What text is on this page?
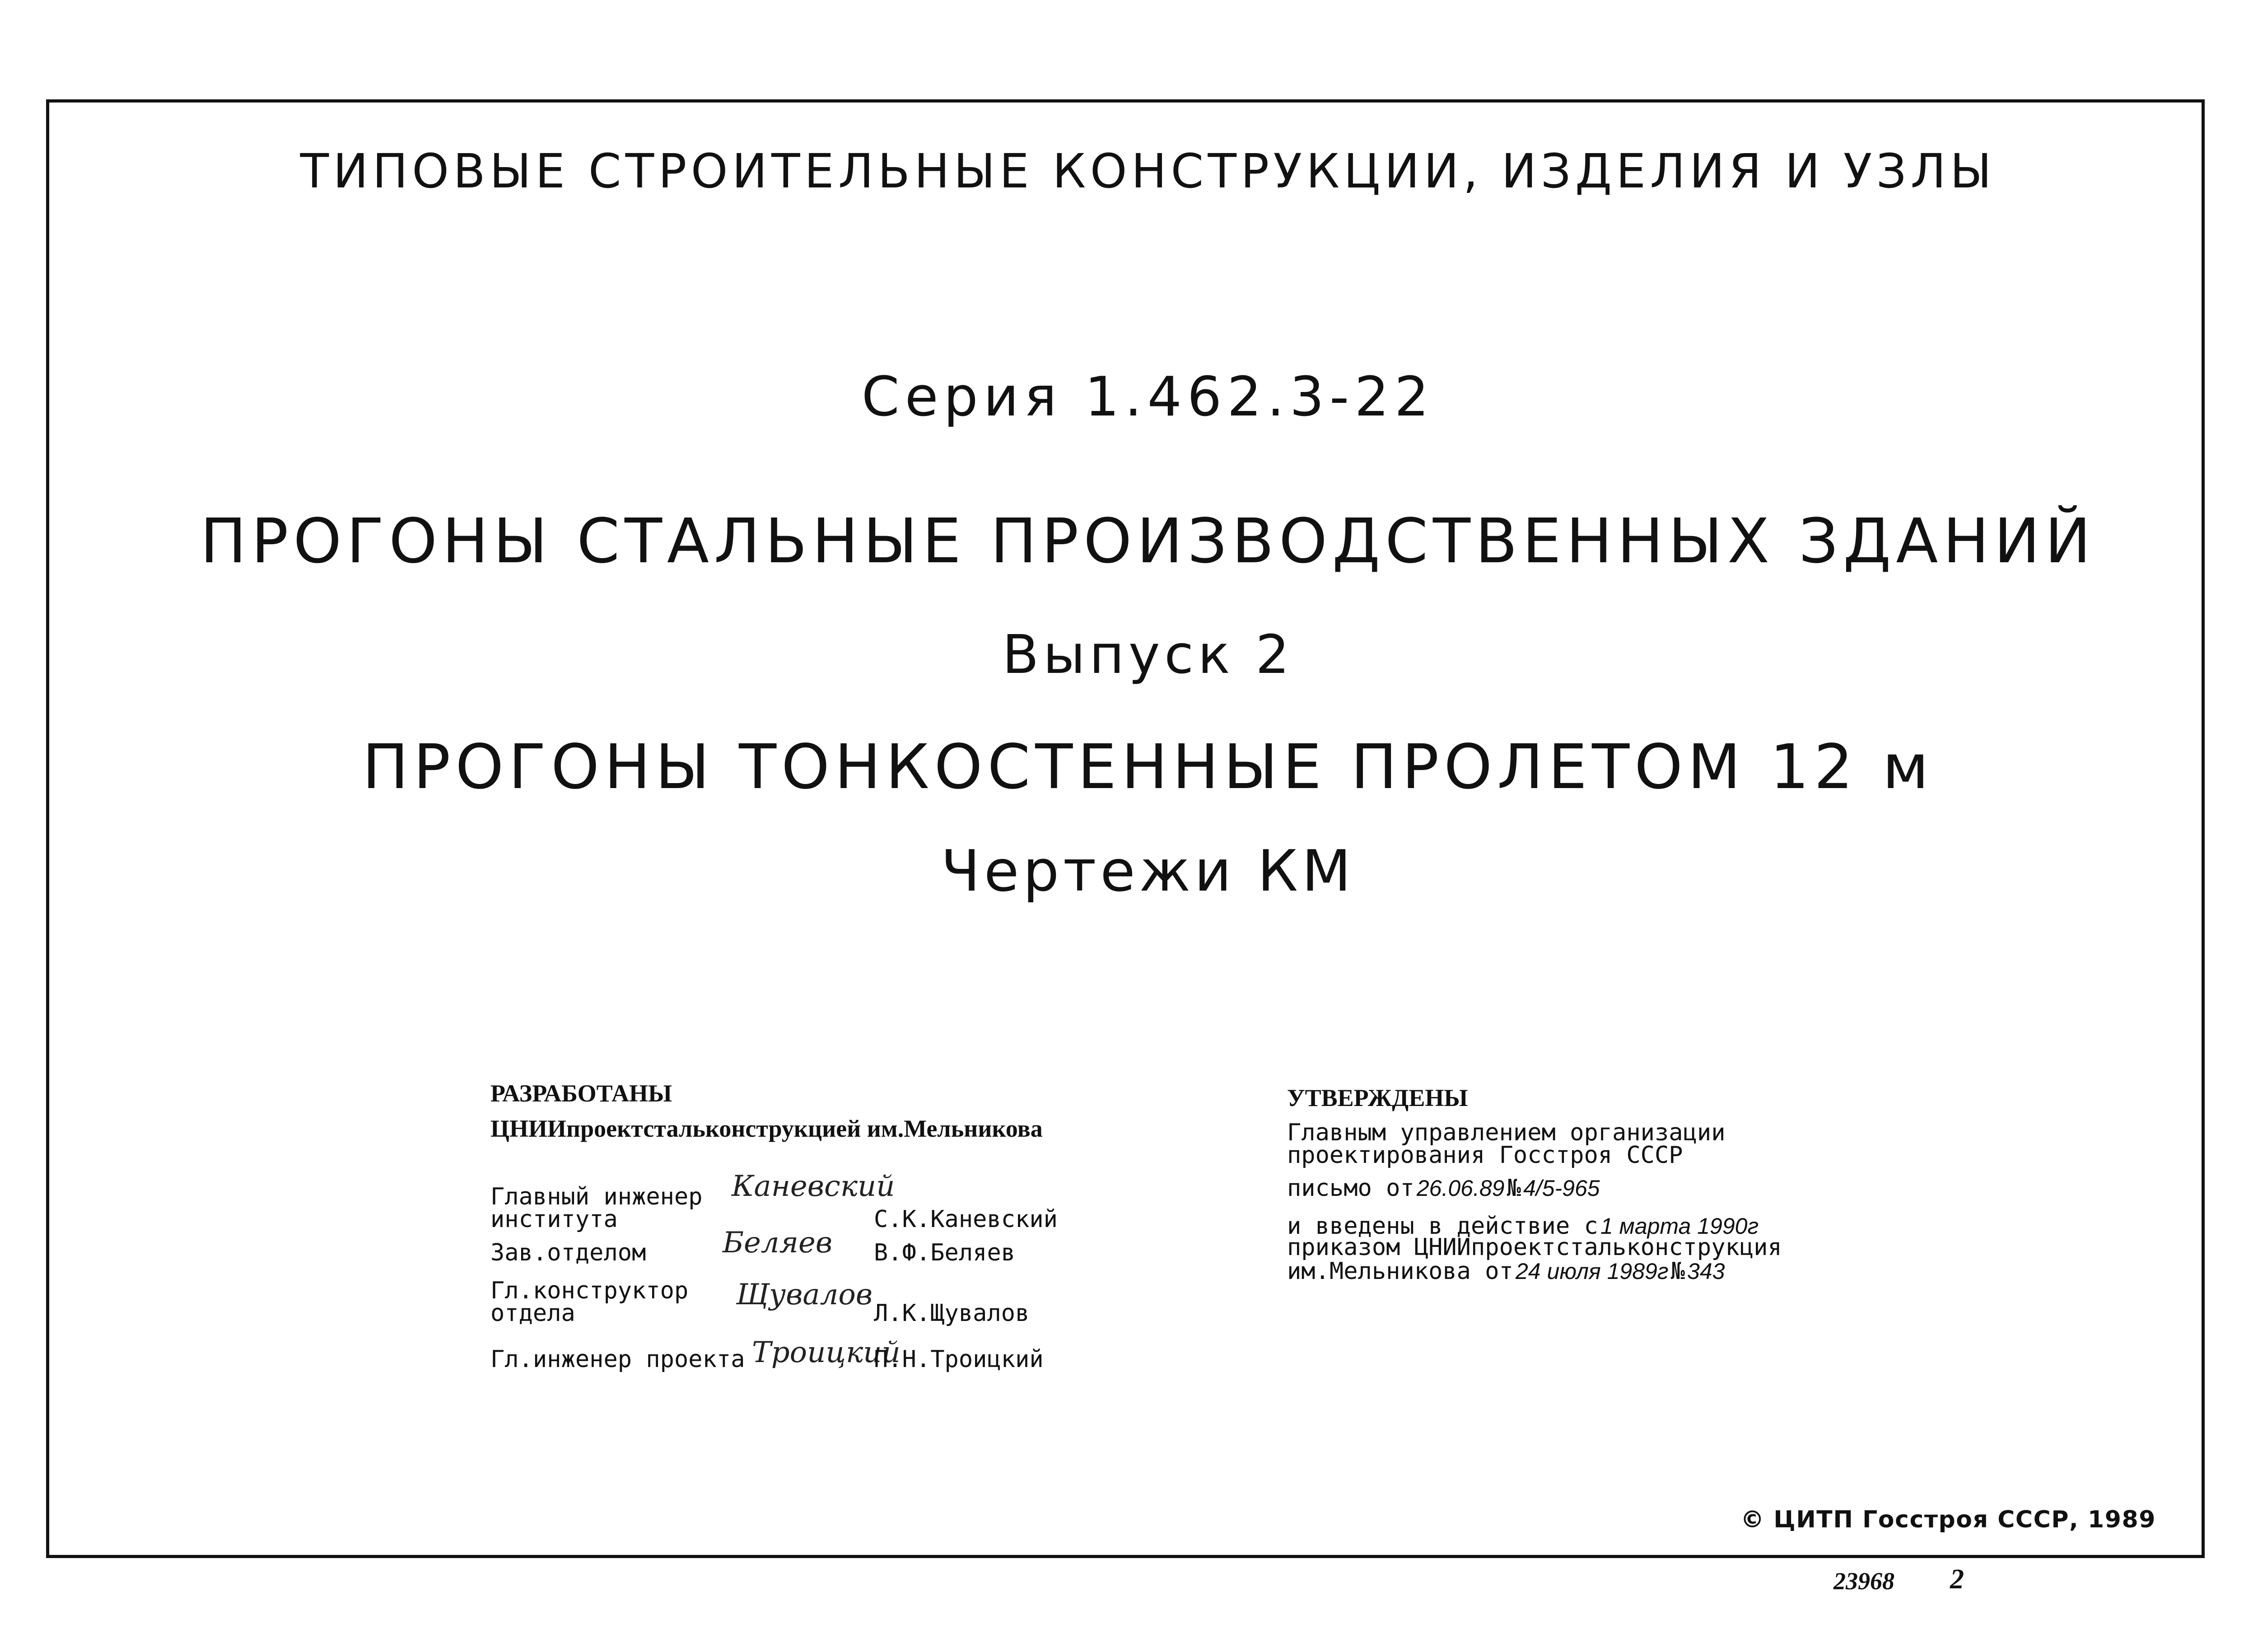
ТИПОВЫЕ СТРОИТЕЛЬНЫЕ КОНСТРУКЦИИ, ИЗДЕЛИЯ И УЗЛЫ
Серия 1.462.3-22
ПРОГОНЫ СТАЛЬНЫЕ ПРОИЗВОДСТВЕННЫХ ЗДАНИЙ
Выпуск 2
ПРОГОНЫ ТОНКОСТЕННЫЕ ПРОЛЕТОМ 12 м
Чертежи КМ
РАЗРАБОТАНЫ
ЦНИИпроектстальконструкцией им.Мельникова
Главный инженер
института
Каневский
С.К.Каневский
Зав.отделом	Беляев В.Ф.Беляев
Гл.конструктор
отдела
Щувалов
Л.К.Щувалов
Гл.инженер проекта Троицкий
П.Н.Троицкий
УТВЕРЖДЕНЫ
Главным управлением организации
проектирования Госстроя СССР
письмо от 26.06.89 № 4/5-965
и введены в действие с 1 марта 1990г
приказом ЦНИИпроектстальконструкция
им.Мельникова от 24 июля 1989г № 343
© ЦИТП Госстроя СССР, 1989
23968 2
